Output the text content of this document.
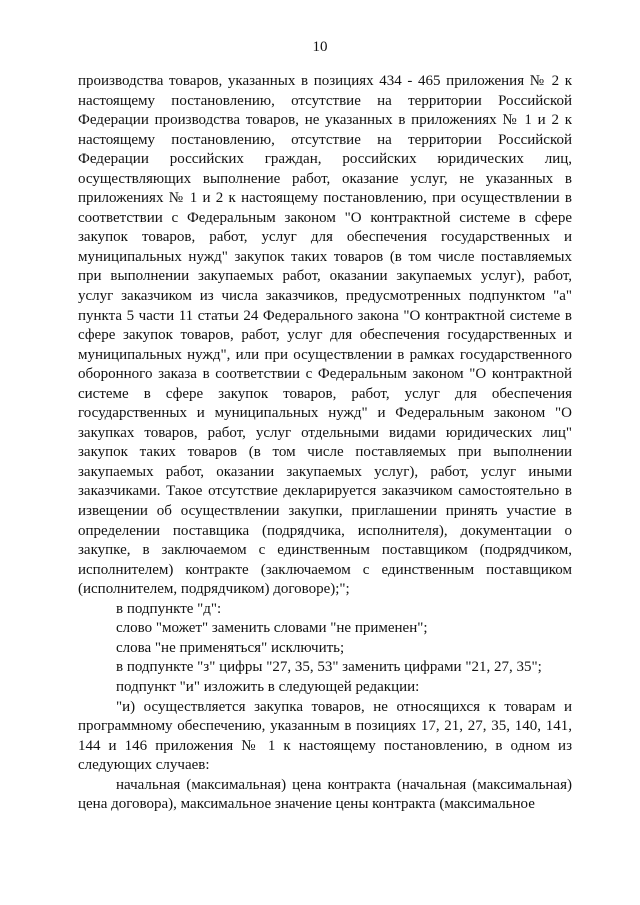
10

производства товаров, указанных в позициях 434 - 465 приложения № 2 к настоящему постановлению, отсутствие на территории Российской Федерации производства товаров, не указанных в приложениях № 1 и 2 к настоящему постановлению, отсутствие на территории Российской Федерации российских граждан, российских юридических лиц, осуществляющих выполнение работ, оказание услуг, не указанных в приложениях № 1 и 2 к настоящему постановлению, при осуществлении в соответствии с Федеральным законом "О контрактной системе в сфере закупок товаров, работ, услуг для обеспечения государственных и муниципальных нужд" закупок таких товаров (в том числе поставляемых при выполнении закупаемых работ, оказании закупаемых услуг), работ, услуг заказчиком из числа заказчиков, предусмотренных подпунктом "а" пункта 5 части 11 статьи 24 Федерального закона "О контрактной системе в сфере закупок товаров, работ, услуг для обеспечения государственных и муниципальных нужд", или при осуществлении в рамках государственного оборонного заказа в соответствии с Федеральным законом "О контрактной системе в сфере закупок товаров, работ, услуг для обеспечения государственных и муниципальных нужд" и Федеральным законом "О закупках товаров, работ, услуг отдельными видами юридических лиц" закупок таких товаров (в том числе поставляемых при выполнении закупаемых работ, оказании закупаемых услуг), работ, услуг иными заказчиками. Такое отсутствие декларируется заказчиком самостоятельно в извещении об осуществлении закупки, приглашении принять участие в определении поставщика (подрядчика, исполнителя), документации о закупке, в заключаемом с единственным поставщиком (подрядчиком, исполнителем) контракте (заключаемом с единственным поставщиком (исполнителем, подрядчиком) договоре);";

в подпункте "д":

слово "может" заменить словами "не применен";

слова "не применяться" исключить;

в подпункте "з" цифры "27, 35, 53" заменить цифрами "21, 27, 35";

подпункт "и" изложить в следующей редакции:

"и) осуществляется закупка товаров, не относящихся к товарам и программному обеспечению, указанным в позициях 17, 21, 27, 35, 140, 141, 144 и 146 приложения № 1 к настоящему постановлению, в одном из следующих случаев:

начальная (максимальная) цена контракта (начальная (максимальная) цена договора), максимальное значение цены контракта (максимальное
